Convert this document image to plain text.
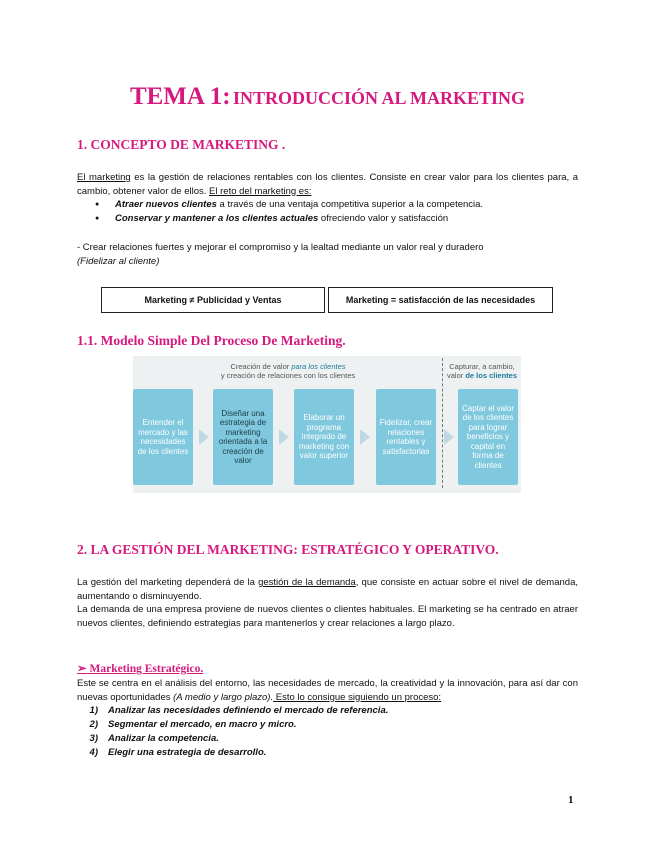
TEMA 1: INTRODUCCIÓN AL MARKETING
1. CONCEPTO DE MARKETING .
El marketing es la gestión de relaciones rentables con los clientes. Consiste en crear valor para los clientes para, a cambio, obtener valor de ellos. El reto del marketing es:
● Atraer nuevos clientes a través de una ventaja competitiva superior a la competencia.
● Conservar y mantener a los clientes actuales ofreciendo valor y satisfacción
- Crear relaciones fuertes y mejorar el compromiso y la lealtad mediante un valor real y duradero
(Fidelizar al cliente)
Marketing ≠ Publicidad y Ventas	Marketing = satisfacción de las necesidades
1.1. Modelo Simple Del Proceso De Marketing.
Creación de valor para los clientes
y creación de relaciones con los clientes
Capturar, a cambio,
valor de los clientes
Entender el mercado y las necesidades de los clientes
Diseñar una estrategia de marketing orientada a la creación de valor
Elaborar un programa integrado de marketing con valor superior
Fidelizar, crear relaciones rentables y satisfactorias
Captar el valor de los clientes para lograr beneficios y capital en forma de clientes
2. LA GESTIÓN DEL MARKETING: ESTRATÉGICO Y OPERATIVO.
La gestión del marketing dependerá de la gestión de la demanda, que consiste en actuar sobre el nivel de demanda, aumentando o disminuyendo.
La demanda de una empresa proviene de nuevos clientes o clientes habituales. El marketing se ha centrado en atraer nuevos clientes, definiendo estrategias para mantenerlos y crear relaciones a largo plazo.
➢ Marketing Estratégico.
Este se centra en el análisis del entorno, las necesidades de mercado, la creatividad y la innovación, para así dar con nuevas oportunidades (A medio y largo plazo). Esto lo consigue siguiendo un proceso:
1) Analizar las necesidades definiendo el mercado de referencia.
2) Segmentar el mercado, en macro y micro.
3) Analizar la competencia.
4) Elegir una estrategia de desarrollo.
1
